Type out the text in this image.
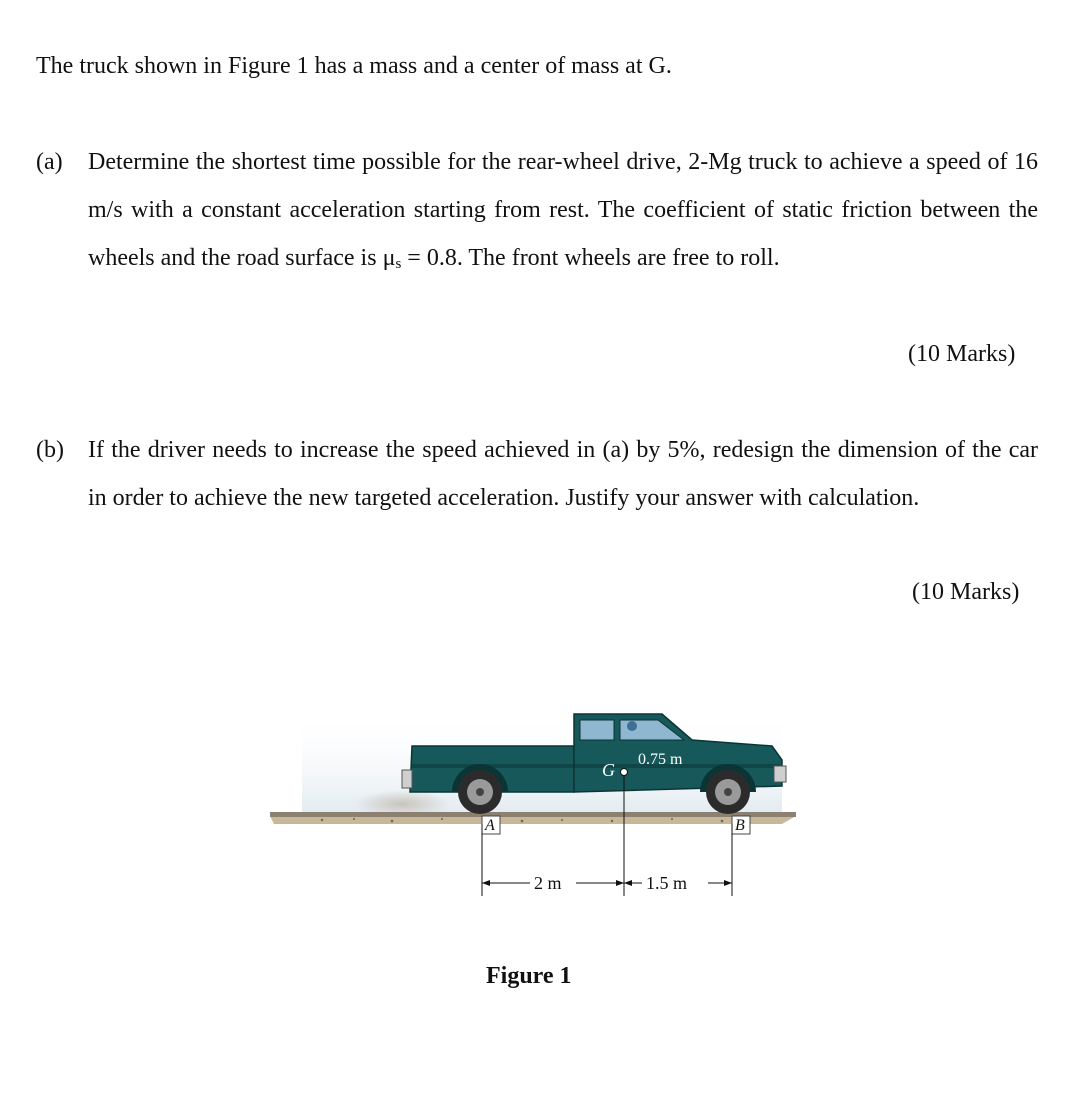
The truck shown in Figure 1 has a mass and a center of mass at G.
(a) Determine the shortest time possible for the rear-wheel drive, 2-Mg truck to achieve a speed of 16 m/s with a constant acceleration starting from rest. The coefficient of static friction between the wheels and the road surface is μs = 0.8. The front wheels are free to roll.
(10 Marks)
(b) If the driver needs to increase the speed achieved in (a) by 5%, redesign the dimension of the car in order to achieve the new targeted acceleration. Justify your answer with calculation.
(10 Marks)
G
0.75 m
A	B
2 m	1.5 m
Figure 1
